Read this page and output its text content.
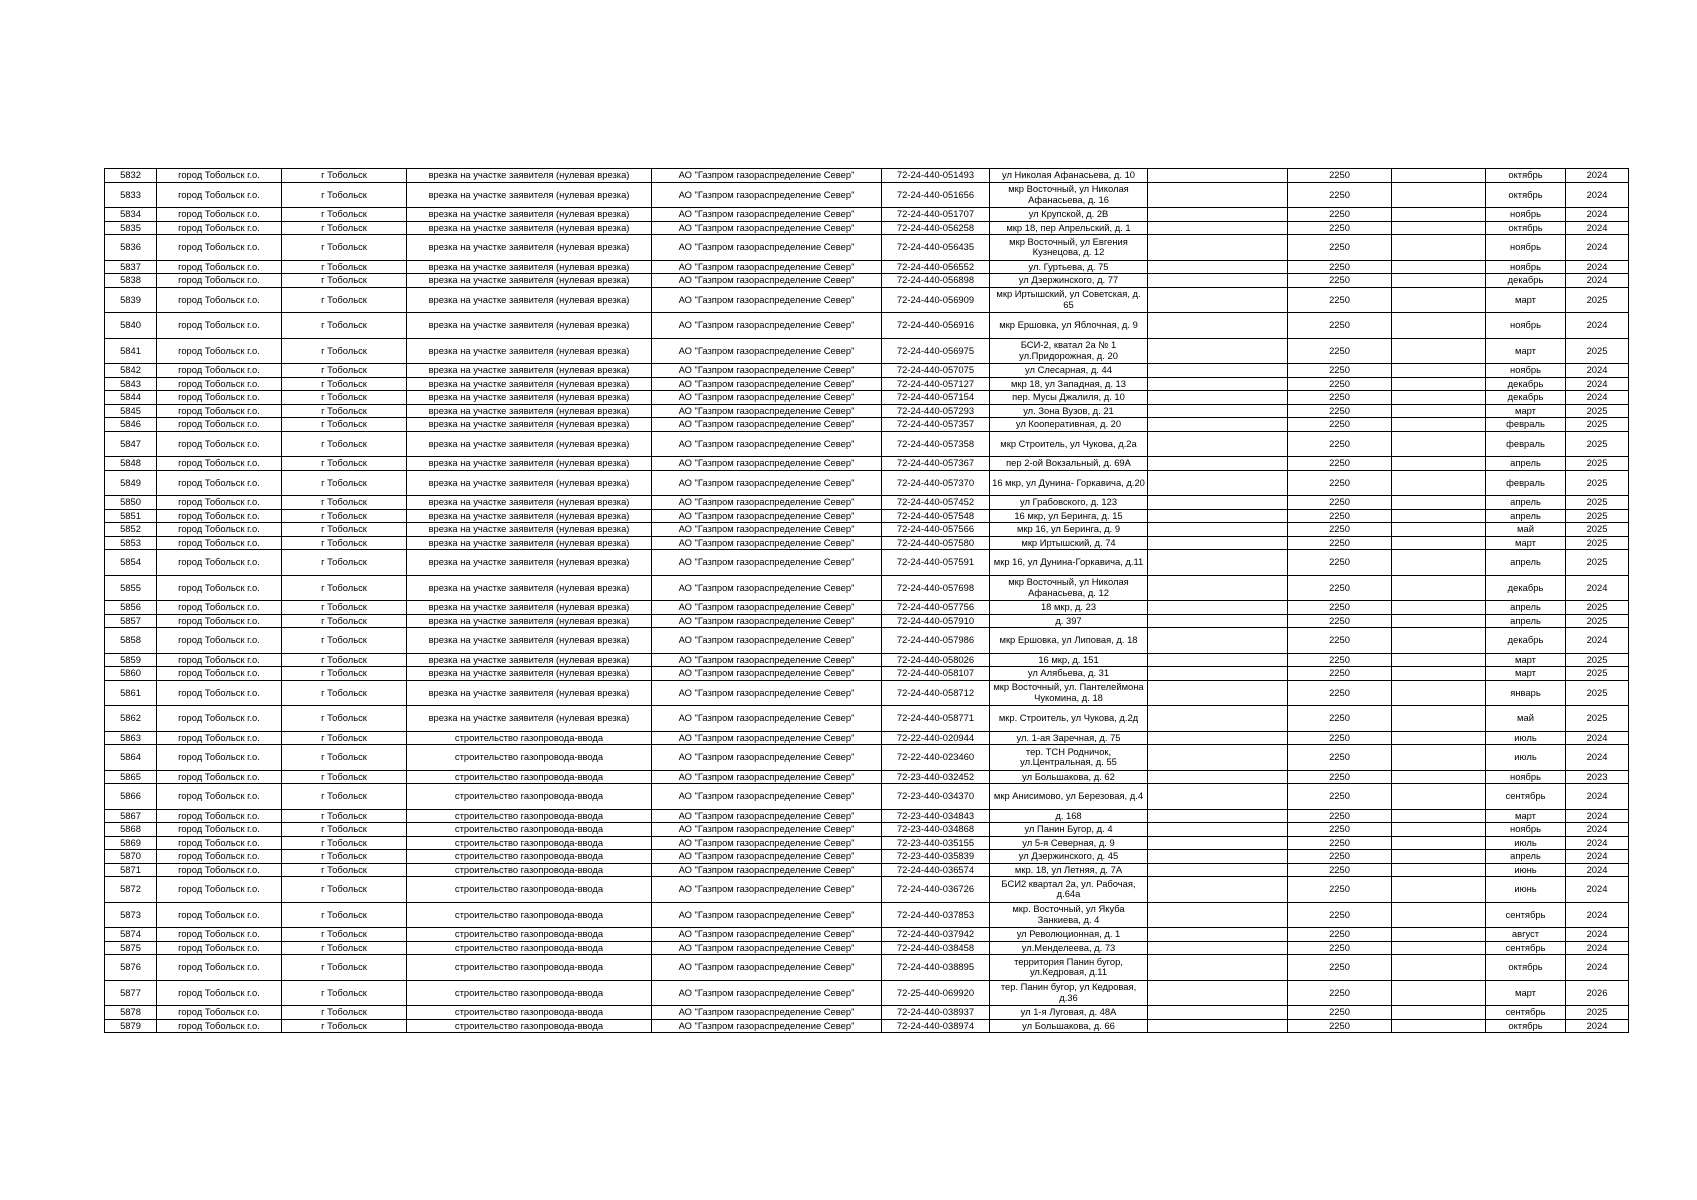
5832	город Тобольск г.о.	г Тобольск	врезка на участке заявителя (нулевая врезка)	АО "Газпром газораспределение Север"	72-24-440-051493	ул Николая Афанасьева, д. 10		2250		октябрь	2024
5833	город Тобольск г.о.	г Тобольск	врезка на участке заявителя (нулевая врезка)	АО "Газпром газораспределение Север"	72-24-440-051656	мкр Восточный, ул Николая Афанасьева, д. 16		2250		октябрь	2024
5834	город Тобольск г.о.	г Тобольск	врезка на участке заявителя (нулевая врезка)	АО "Газпром газораспределение Север"	72-24-440-051707	ул Крупской, д. 2В		2250		ноябрь	2024
5835	город Тобольск г.о.	г Тобольск	врезка на участке заявителя (нулевая врезка)	АО "Газпром газораспределение Север"	72-24-440-056258	мкр 18, пер Апрельский, д. 1		2250		октябрь	2024
5836	город Тобольск г.о.	г Тобольск	врезка на участке заявителя (нулевая врезка)	АО "Газпром газораспределение Север"	72-24-440-056435	мкр Восточный, ул Евгения Кузнецова, д. 12		2250		ноябрь	2024
5837	город Тобольск г.о.	г Тобольск	врезка на участке заявителя (нулевая врезка)	АО "Газпром газораспределение Север"	72-24-440-056552	ул. Гуртьева, д. 75		2250		ноябрь	2024
5838	город Тобольск г.о.	г Тобольск	врезка на участке заявителя (нулевая врезка)	АО "Газпром газораспределение Север"	72-24-440-056898	ул Дзержинского, д. 77		2250		декабрь	2024
5839	город Тобольск г.о.	г Тобольск	врезка на участке заявителя (нулевая врезка)	АО "Газпром газораспределение Север"	72-24-440-056909	мкр Иртышский, ул Советская, д. 65		2250		март	2025
5840	город Тобольск г.о.	г Тобольск	врезка на участке заявителя (нулевая врезка)	АО "Газпром газораспределение Север"	72-24-440-056916	мкр Ершовка, ул Яблочная, д. 9		2250		ноябрь	2024
5841	город Тобольск г.о.	г Тобольск	врезка на участке заявителя (нулевая врезка)	АО "Газпром газораспределение Север"	72-24-440-056975	БСИ-2, кватал 2а № 1 ул.Придорожная, д. 20		2250		март	2025
5842	город Тобольск г.о.	г Тобольск	врезка на участке заявителя (нулевая врезка)	АО "Газпром газораспределение Север"	72-24-440-057075	ул Слесарная, д. 44		2250		ноябрь	2024
5843	город Тобольск г.о.	г Тобольск	врезка на участке заявителя (нулевая врезка)	АО "Газпром газораспределение Север"	72-24-440-057127	мкр 18, ул Западная, д. 13		2250		декабрь	2024
5844	город Тобольск г.о.	г Тобольск	врезка на участке заявителя (нулевая врезка)	АО "Газпром газораспределение Север"	72-24-440-057154	пер. Мусы Джалиля, д. 10		2250		декабрь	2024
5845	город Тобольск г.о.	г Тобольск	врезка на участке заявителя (нулевая врезка)	АО "Газпром газораспределение Север"	72-24-440-057293	ул. Зона Вузов, д. 21		2250		март	2025
5846	город Тобольск г.о.	г Тобольск	врезка на участке заявителя (нулевая врезка)	АО "Газпром газораспределение Север"	72-24-440-057357	ул Кооперативная, д. 20		2250		февраль	2025
5847	город Тобольск г.о.	г Тобольск	врезка на участке заявителя (нулевая врезка)	АО "Газпром газораспределение Север"	72-24-440-057358	мкр Строитель, ул Чукова, д.2а		2250		февраль	2025
5848	город Тобольск г.о.	г Тобольск	врезка на участке заявителя (нулевая врезка)	АО "Газпром газораспределение Север"	72-24-440-057367	пер 2-ой Вокзальный, д. 69А		2250		апрель	2025
5849	город Тобольск г.о.	г Тобольск	врезка на участке заявителя (нулевая врезка)	АО "Газпром газораспределение Север"	72-24-440-057370	16 мкр, ул Дунина- Горкавича, д.20		2250		февраль	2025
5850	город Тобольск г.о.	г Тобольск	врезка на участке заявителя (нулевая врезка)	АО "Газпром газораспределение Север"	72-24-440-057452	ул Грабовского, д. 123		2250		апрель	2025
5851	город Тобольск г.о.	г Тобольск	врезка на участке заявителя (нулевая врезка)	АО "Газпром газораспределение Север"	72-24-440-057548	16 мкр, ул Беринга, д. 15		2250		апрель	2025
5852	город Тобольск г.о.	г Тобольск	врезка на участке заявителя (нулевая врезка)	АО "Газпром газораспределение Север"	72-24-440-057566	мкр 16, ул Беринга, д. 9		2250		май	2025
5853	город Тобольск г.о.	г Тобольск	врезка на участке заявителя (нулевая врезка)	АО "Газпром газораспределение Север"	72-24-440-057580	мкр Иртышский, д. 74		2250		март	2025
5854	город Тобольск г.о.	г Тобольск	врезка на участке заявителя (нулевая врезка)	АО "Газпром газораспределение Север"	72-24-440-057591	мкр 16, ул Дунина-Горкавича, д.11		2250		апрель	2025
5855	город Тобольск г.о.	г Тобольск	врезка на участке заявителя (нулевая врезка)	АО "Газпром газораспределение Север"	72-24-440-057698	мкр Восточный, ул Николая Афанасьева, д. 12		2250		декабрь	2024
5856	город Тобольск г.о.	г Тобольск	врезка на участке заявителя (нулевая врезка)	АО "Газпром газораспределение Север"	72-24-440-057756	18 мкр, д. 23		2250		апрель	2025
5857	город Тобольск г.о.	г Тобольск	врезка на участке заявителя (нулевая врезка)	АО "Газпром газораспределение Север"	72-24-440-057910	д. 397		2250		апрель	2025
5858	город Тобольск г.о.	г Тобольск	врезка на участке заявителя (нулевая врезка)	АО "Газпром газораспределение Север"	72-24-440-057986	мкр Ершовка, ул Липовая, д. 18		2250		декабрь	2024
5859	город Тобольск г.о.	г Тобольск	врезка на участке заявителя (нулевая врезка)	АО "Газпром газораспределение Север"	72-24-440-058026	16 мкр, д. 151		2250		март	2025
5860	город Тобольск г.о.	г Тобольск	врезка на участке заявителя (нулевая врезка)	АО "Газпром газораспределение Север"	72-24-440-058107	ул Алябьева, д. 31		2250		март	2025
5861	город Тобольск г.о.	г Тобольск	врезка на участке заявителя (нулевая врезка)	АО "Газпром газораспределение Север"	72-24-440-058712	мкр Восточный, ул. Пантелеймона Чукомина, д. 18		2250		январь	2025
5862	город Тобольск г.о.	г Тобольск	врезка на участке заявителя (нулевая врезка)	АО "Газпром газораспределение Север"	72-24-440-058771	мкр. Строитель, ул Чукова, д.2д		2250		май	2025
5863	город Тобольск г.о.	г Тобольск	строительство газопровода-ввода	АО "Газпром газораспределение Север"	72-22-440-020944	ул. 1-ая Заречная, д. 75		2250		июль	2024
5864	город Тобольск г.о.	г Тобольск	строительство газопровода-ввода	АО "Газпром газораспределение Север"	72-22-440-023460	тер. ТСН Родничок, ул.Центральная, д. 55		2250		июль	2024
5865	город Тобольск г.о.	г Тобольск	строительство газопровода-ввода	АО "Газпром газораспределение Север"	72-23-440-032452	ул Большакова, д. 62		2250		ноябрь	2023
5866	город Тобольск г.о.	г Тобольск	строительство газопровода-ввода	АО "Газпром газораспределение Север"	72-23-440-034370	мкр Анисимово, ул Березовая, д.4		2250		сентябрь	2024
5867	город Тобольск г.о.	г Тобольск	строительство газопровода-ввода	АО "Газпром газораспределение Север"	72-23-440-034843	д. 168		2250		март	2024
5868	город Тобольск г.о.	г Тобольск	строительство газопровода-ввода	АО "Газпром газораспределение Север"	72-23-440-034868	ул Панин Бугор, д. 4		2250		ноябрь	2024
5869	город Тобольск г.о.	г Тобольск	строительство газопровода-ввода	АО "Газпром газораспределение Север"	72-23-440-035155	ул 5-я Северная, д. 9		2250		июль	2024
5870	город Тобольск г.о.	г Тобольск	строительство газопровода-ввода	АО "Газпром газораспределение Север"	72-23-440-035839	ул Дзержинского, д. 45		2250		апрель	2024
5871	город Тобольск г.о.	г Тобольск	строительство газопровода-ввода	АО "Газпром газораспределение Север"	72-24-440-036574	мкр. 18, ул Летняя, д. 7А		2250		июнь	2024
5872	город Тобольск г.о.	г Тобольск	строительство газопровода-ввода	АО "Газпром газораспределение Север"	72-24-440-036726	БСИ2 квартал 2а, ул. Рабочая, д.64а		2250		июнь	2024
5873	город Тобольск г.о.	г Тобольск	строительство газопровода-ввода	АО "Газпром газораспределение Север"	72-24-440-037853	мкр. Восточный, ул Якуба Занкиева, д. 4		2250		сентябрь	2024
5874	город Тобольск г.о.	г Тобольск	строительство газопровода-ввода	АО "Газпром газораспределение Север"	72-24-440-037942	ул Революционная, д. 1		2250		август	2024
5875	город Тобольск г.о.	г Тобольск	строительство газопровода-ввода	АО "Газпром газораспределение Север"	72-24-440-038458	ул.Менделеева, д. 73		2250		сентябрь	2024
5876	город Тобольск г.о.	г Тобольск	строительство газопровода-ввода	АО "Газпром газораспределение Север"	72-24-440-038895	территория Панин бугор, ул.Кедровая, д.11		2250		октябрь	2024
5877	город Тобольск г.о.	г Тобольск	строительство газопровода-ввода	АО "Газпром газораспределение Север"	72-25-440-069920	тер. Панин бугор, ул Кедровая, д.36		2250		март	2026
5878	город Тобольск г.о.	г Тобольск	строительство газопровода-ввода	АО "Газпром газораспределение Север"	72-24-440-038937	ул 1-я Луговая, д. 48А		2250		сентябрь	2025
5879	город Тобольск г.о.	г Тобольск	строительство газопровода-ввода	АО "Газпром газораспределение Север"	72-24-440-038974	ул Большакова, д. 66		2250		октябрь	2024
